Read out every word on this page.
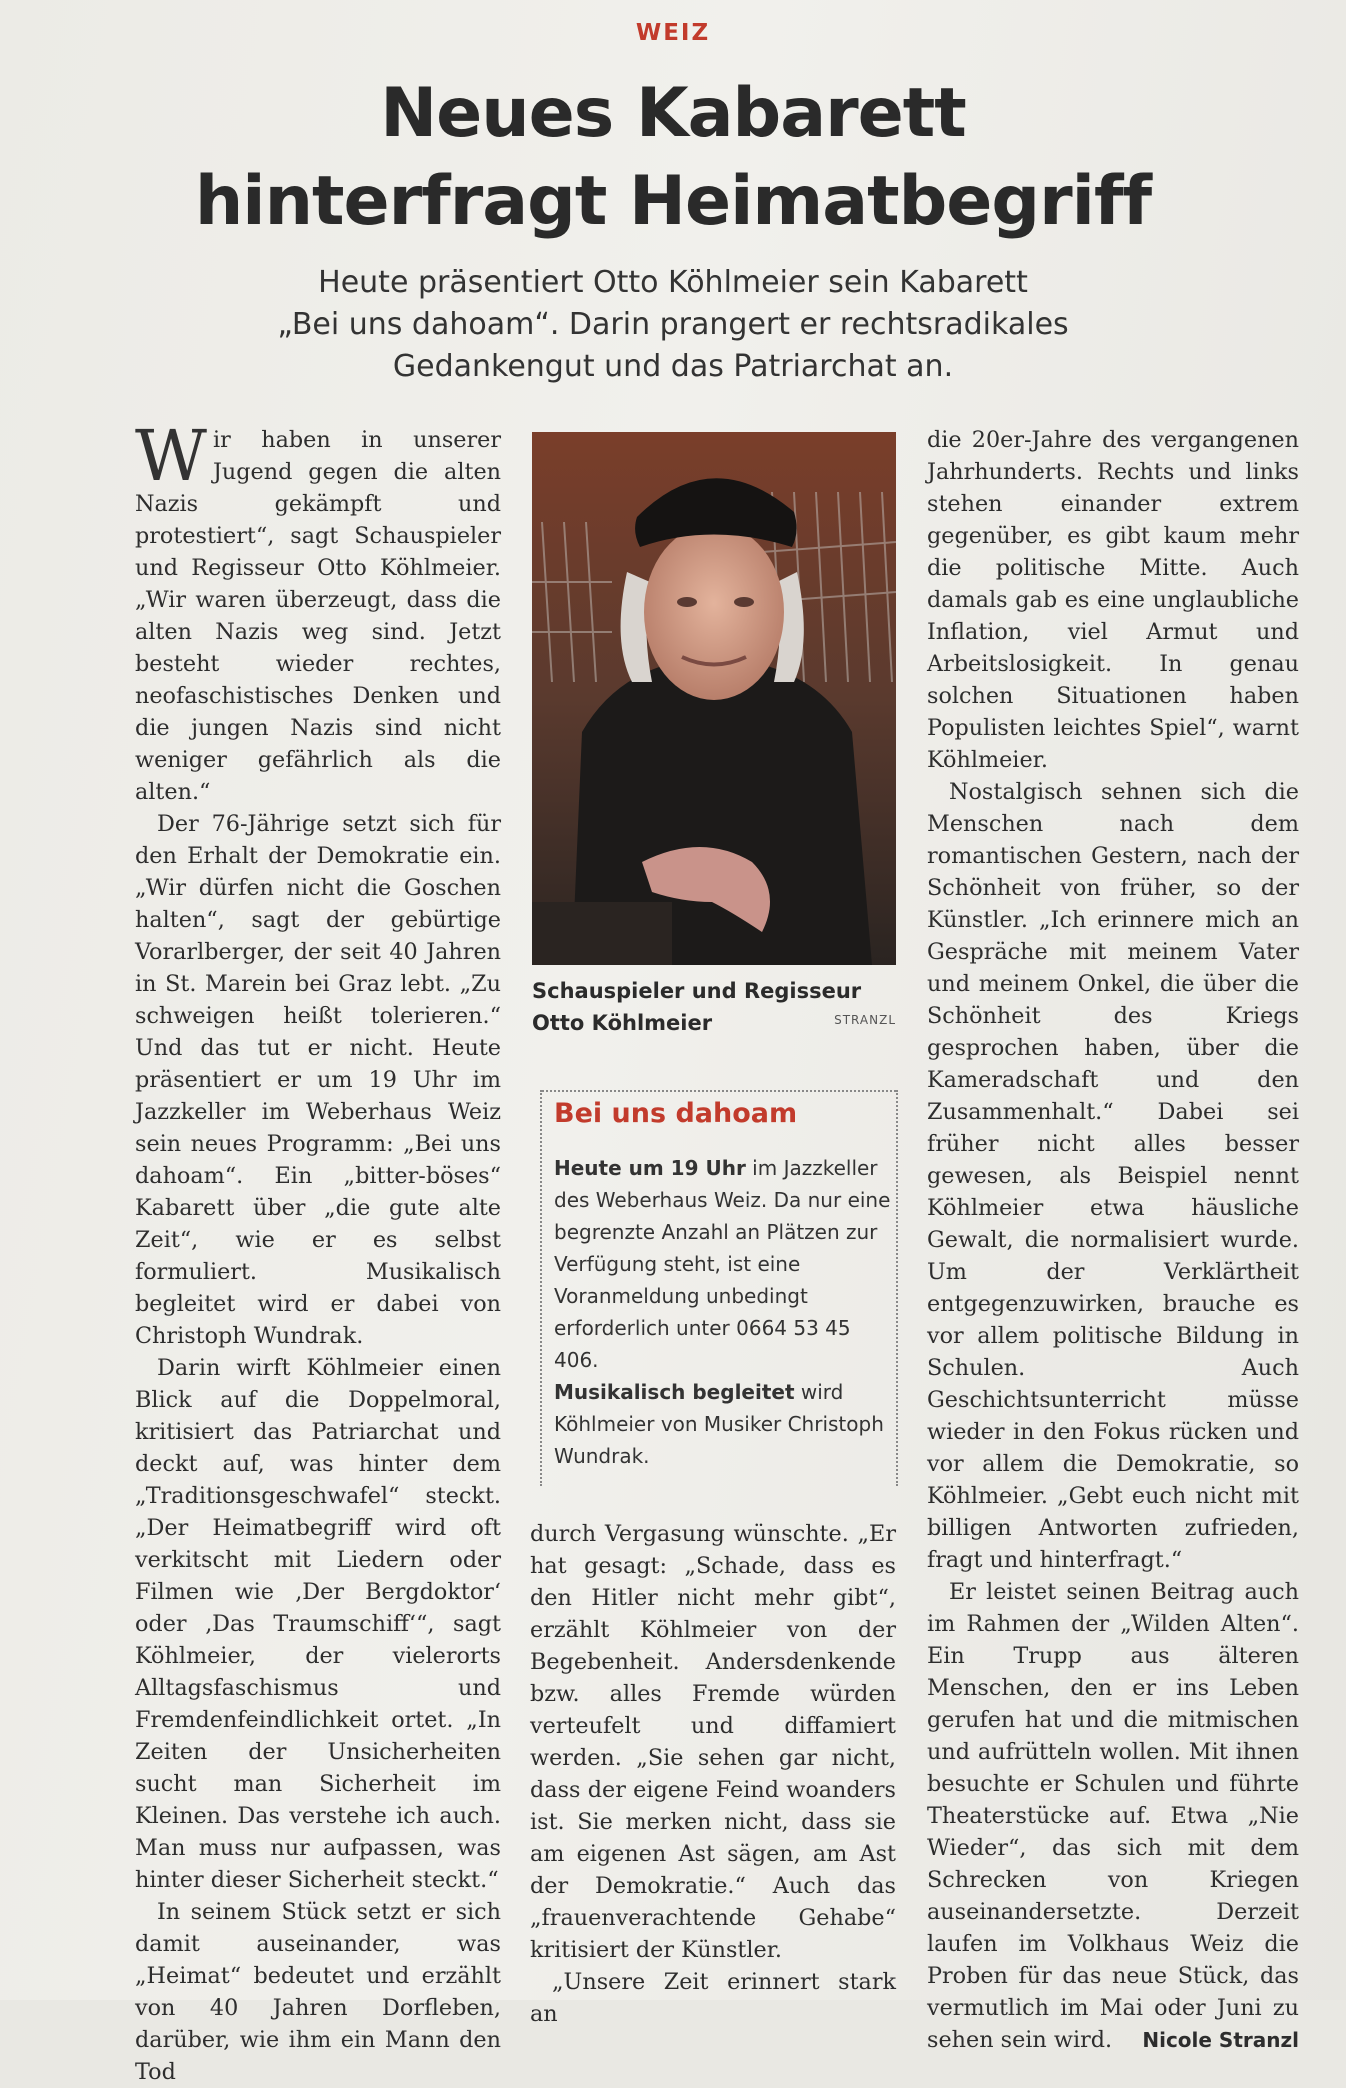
WEIZ
Neues Kabarett
hinterfragt Heimatbegriff
Heute präsentiert Otto Köhlmeier sein Kabarett
„Bei uns dahoam“. Darin prangert er rechtsradikales
Gedankengut und das Patriarchat an.

Wir haben in unserer Jugend gegen die alten Nazis gekämpft und protestiert“, sagt Schauspieler und Regisseur Otto Köhlmeier. „Wir waren überzeugt, dass die alten Nazis weg sind. Jetzt besteht wieder rechtes, neofaschistisches Denken und die jungen Nazis sind nicht weniger gefährlich als die alten.“

Der 76-Jährige setzt sich für den Erhalt der Demokratie ein. „Wir dürfen nicht die Goschen halten“, sagt der gebürtige Vorarlberger, der seit 40 Jahren in St. Marein bei Graz lebt. „Zu schweigen heißt tolerieren.“ Und das tut er nicht. Heute präsentiert er um 19 Uhr im Jazzkeller im Weberhaus Weiz sein neues Programm: „Bei uns dahoam“. Ein „bitter-böses“ Kabarett über „die gute alte Zeit“, wie er es selbst formuliert. Musikalisch begleitet wird er dabei von Christoph Wundrak.

Darin wirft Köhlmeier einen Blick auf die Doppelmoral, kritisiert das Patriarchat und deckt auf, was hinter dem „Traditionsgeschwafel“ steckt. „Der Heimatbegriff wird oft verkitscht mit Liedern oder Filmen wie ‚Der Bergdoktor‘ oder ‚Das Traumschiff‘“, sagt Köhlmeier, der vielerorts Alltagsfaschismus und Fremdenfeindlichkeit ortet. „In Zeiten der Unsicherheiten sucht man Sicherheit im Kleinen. Das verstehe ich auch. Man muss nur aufpassen, was hinter dieser Sicherheit steckt.“

In seinem Stück setzt er sich damit auseinander, was „Heimat“ bedeutet und erzählt von 40 Jahren Dorfleben, darüber, wie ihm ein Mann den Tod

Schauspieler und Regisseur
Otto Köhlmeier	STRANZL
Bei uns dahoam

Heute um 19 Uhr im Jazzkeller des Weberhaus Weiz. Da nur eine begrenzte Anzahl an Plätzen zur Verfügung steht, ist eine Voranmeldung unbedingt erforderlich unter 0664 53 45 406.

Musikalisch begleitet wird Köhlmeier von Musiker Christoph Wundrak.

durch Vergasung wünschte. „Er hat gesagt: „Schade, dass es den Hitler nicht mehr gibt“, erzählt Köhlmeier von der Begebenheit. Andersdenkende bzw. alles Fremde würden verteufelt und diffamiert werden. „Sie sehen gar nicht, dass der eigene Feind woanders ist. Sie merken nicht, dass sie am eigenen Ast sägen, am Ast der Demokratie.“ Auch das „frauenverachtende Gehabe“ kritisiert der Künstler.

„Unsere Zeit erinnert stark an

die 20er-Jahre des vergangenen Jahrhunderts. Rechts und links stehen einander extrem gegenüber, es gibt kaum mehr die politische Mitte. Auch damals gab es eine unglaubliche Inflation, viel Armut und Arbeitslosigkeit. In genau solchen Situationen haben Populisten leichtes Spiel“, warnt Köhlmeier.

Nostalgisch sehnen sich die Menschen nach dem romantischen Gestern, nach der Schönheit von früher, so der Künstler. „Ich erinnere mich an Gespräche mit meinem Vater und meinem Onkel, die über die Schönheit des Kriegs gesprochen haben, über die Kameradschaft und den Zusammenhalt.“ Dabei sei früher nicht alles besser gewesen, als Beispiel nennt Köhlmeier etwa häusliche Gewalt, die normalisiert wurde. Um der Verklärtheit entgegenzuwirken, brauche es vor allem politische Bildung in Schulen. Auch Geschichtsunterricht müsse wieder in den Fokus rücken und vor allem die Demokratie, so Köhlmeier. „Gebt euch nicht mit billigen Antworten zufrieden, fragt und hinterfragt.“

Er leistet seinen Beitrag auch im Rahmen der „Wilden Alten“. Ein Trupp aus älteren Menschen, den er ins Leben gerufen hat und die mitmischen und aufrütteln wollen. Mit ihnen besuchte er Schulen und führte Theaterstücke auf. Etwa „Nie Wieder“, das sich mit dem Schrecken von Kriegen auseinandersetzte. Derzeit laufen im Volkhaus Weiz die Proben für das neue Stück, das vermutlich im Mai oder Juni zu sehen sein wird.	Nicole Stranzl
